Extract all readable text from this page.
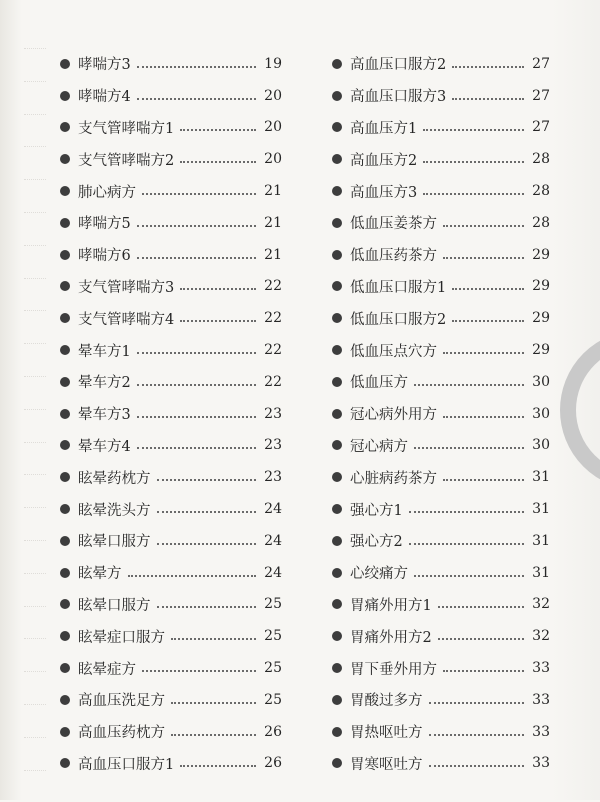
哮喘方3	19
哮喘方4	20
支气管哮喘方1	20
支气管哮喘方2	20
肺心病方	21
哮喘方5	21
哮喘方6	21
支气管哮喘方3	22
支气管哮喘方4	22
晕车方1	22
晕车方2	22
晕车方3	23
晕车方4	23
眩晕药枕方	23
眩晕洗头方	24
眩晕口服方	24
眩晕方	24
眩晕口服方	25
眩晕症口服方	25
眩晕症方	25
高血压洗足方	25
高血压药枕方	26
高血压口服方1	26
高血压口服方2	27
高血压口服方3	27
高血压方1	27
高血压方2	28
高血压方3	28
低血压姜茶方	28
低血压药茶方	29
低血压口服方1	29
低血压口服方2	29
低血压点穴方	29
低血压方	30
冠心病外用方	30
冠心病方	30
心脏病药茶方	31
强心方1	31
强心方2	31
心绞痛方	31
胃痛外用方1	32
胃痛外用方2	32
胃下垂外用方	33
胃酸过多方	33
胃热呕吐方	33
胃寒呕吐方	33
